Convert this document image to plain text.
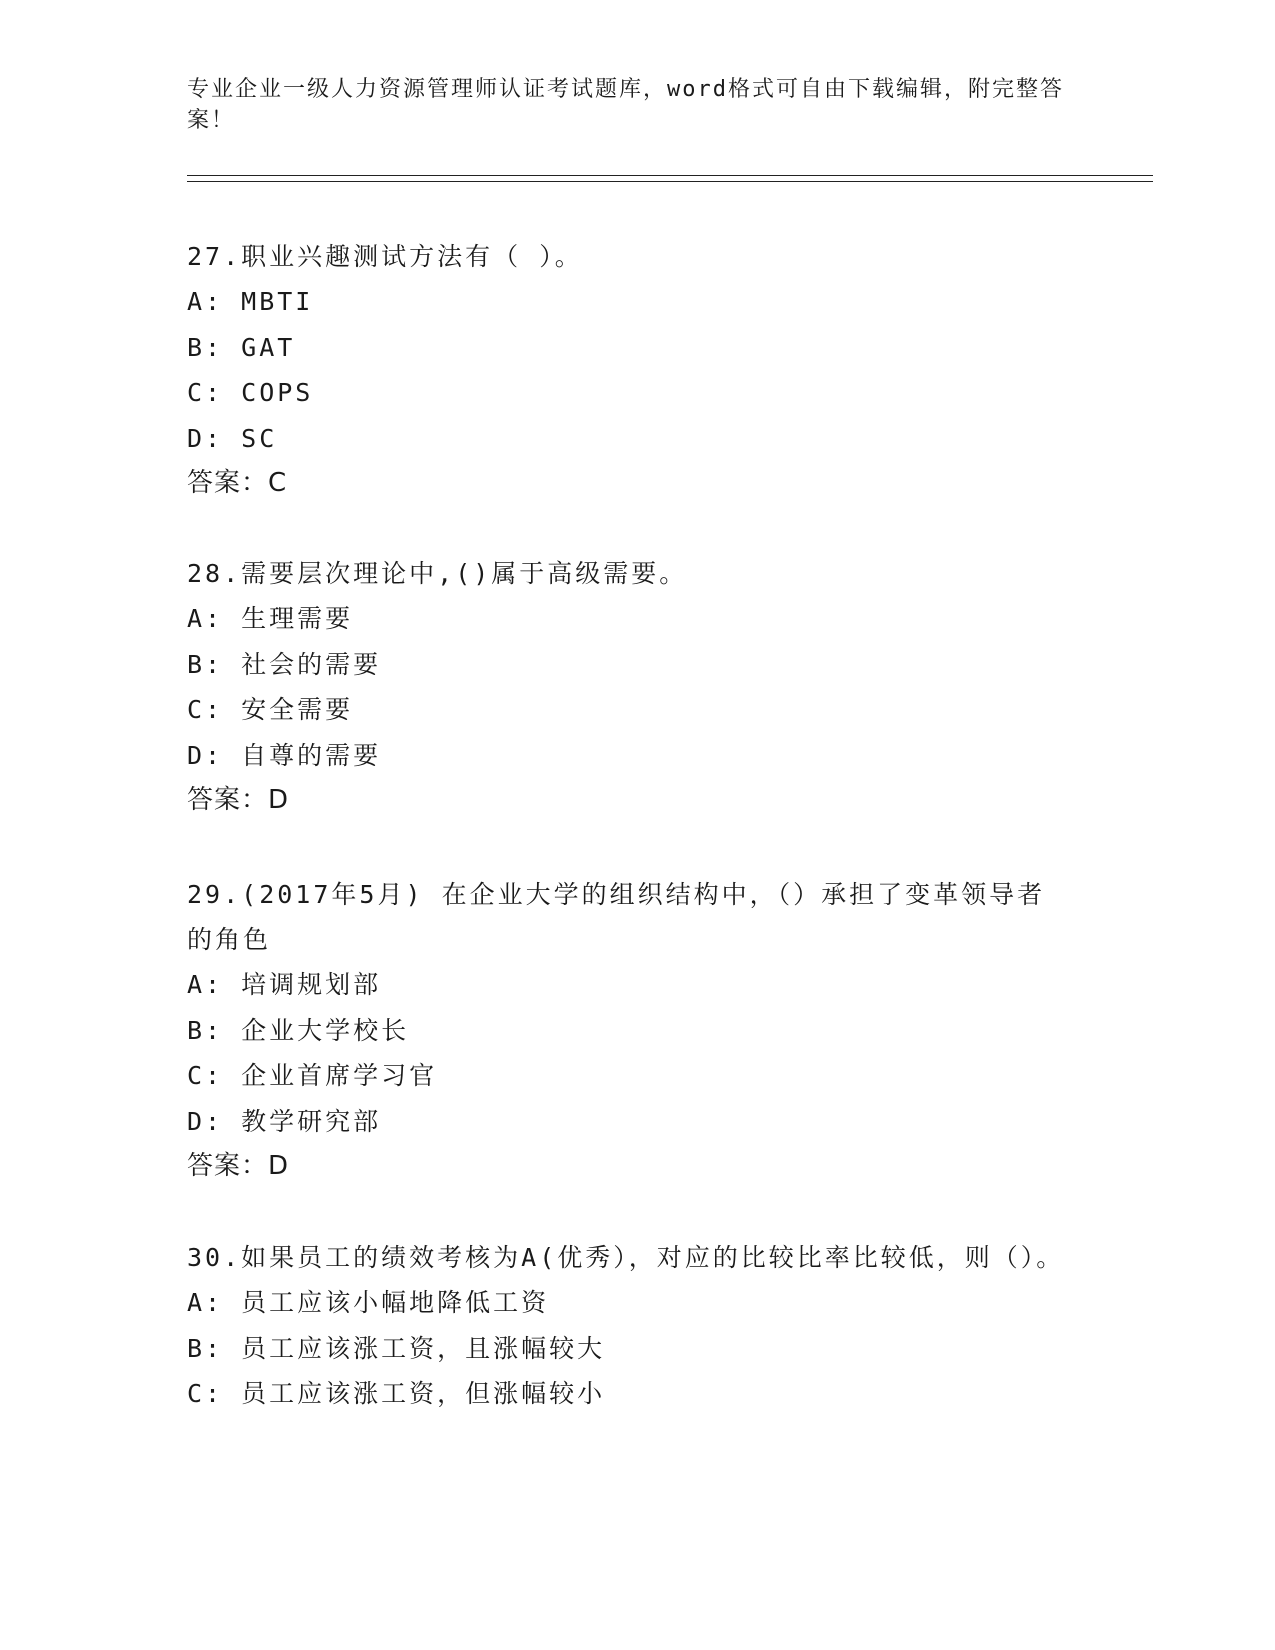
专业企业一级人力资源管理师认证考试题库，word格式可自由下载编辑，附完整答案！

27.职业兴趣测试方法有（ ）。

A: MBTI

B: GAT

C: COPS

D: SC

答案：C

28.需要层次理论中,()属于高级需要。

A: 生理需要

B: 社会的需要

C: 安全需要

D: 自尊的需要

答案：D

29.(2017年5月) 在企业大学的组织结构中，（）承担了变革领导者的角色

A: 培调规划部

B: 企业大学校长

C: 企业首席学习官

D: 教学研究部

答案：D

30.如果员工的绩效考核为A(优秀），对应的比较比率比较低，则（）。

A: 员工应该小幅地降低工资

B: 员工应该涨工资，且涨幅较大

C: 员工应该涨工资，但涨幅较小
